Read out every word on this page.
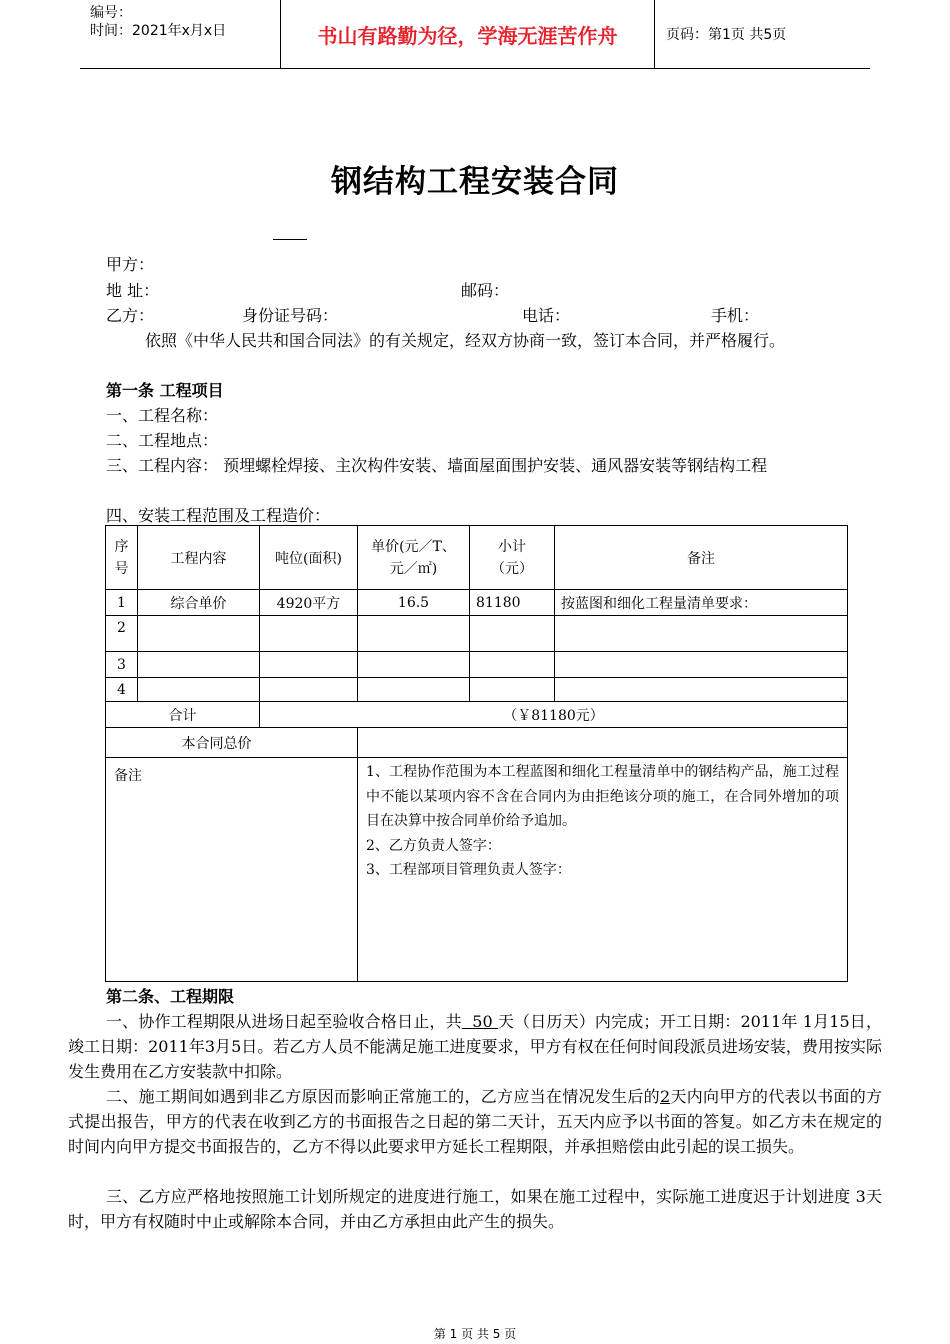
编号：
时间：2021年x月x日	书山有路勤为径，学海无涯苦作舟	页码：第1页 共5页
钢结构工程安装合同
甲方：
地 址：	邮码：
乙方：	身份证号码：	电话：	手机：
依照《中华人民共和国合同法》的有关规定，经双方协商一致，签订本合同，并严格履行。
第一条 工程项目
一、工程名称：
二、工程地点：
三、工程内容： 预埋螺栓焊接、主次构件安装、墙面屋面围护安装、通风器安装等钢结构工程
四、安装工程范围及工程造价：
序号	工程内容	吨位(面积)	单价(元／T、元／㎡)	小计（元）	备注
1	综合单价	4920平方	16.5	81180	按蓝图和细化工程量清单要求：
2					
3					
4					
合计		（￥81180元）			
本合同总价					
备注			1、工程协作范围为本工程蓝图和细化工程量清单中的钢结构产品，施工过程中不能以某项内容不含在合同内为由拒绝该分项的施工，在合同外增加的项目在决算中按合同单价给予追加。
2、乙方负责人签字：
3、工程部项目管理负责人签字：		
第二条、工程期限
一、协作工程期限从进场日起至验收合格日止，共  50 天（日历天）内完成；开工日期：2011年 1月15日，竣工日期：2011年3月5日。若乙方人员不能满足施工进度要求，甲方有权在任何时间段派员进场安装，费用按实际发生费用在乙方安装款中扣除。
二、施工期间如遇到非乙方原因而影响正常施工的，乙方应当在情况发生后的2天内向甲方的代表以书面的方式提出报告，甲方的代表在收到乙方的书面报告之日起的第二天计，五天内应予以书面的答复。如乙方未在规定的时间内向甲方提交书面报告的，乙方不得以此要求甲方延长工程期限，并承担赔偿由此引起的误工损失。
三、乙方应严格地按照施工计划所规定的进度进行施工，如果在施工过程中，实际施工进度迟于计划进度 3天时，甲方有权随时中止或解除本合同，并由乙方承担由此产生的损失。
第 1 页 共 5 页
